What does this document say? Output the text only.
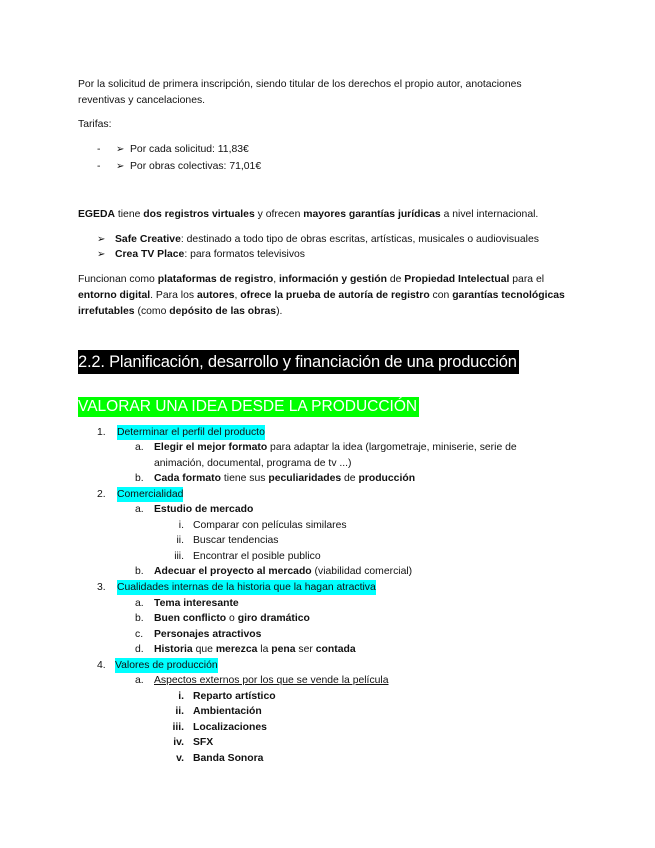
Por la solicitud de primera inscripción, siendo titular de los derechos el propio autor, anotaciones
reventivas y cancelaciones.

Tarifas:
- ➢ Por cada solicitud: 11,83€
- ➢ Por obras colectivas: 71,01€
EGEDA tiene dos registros virtuales y ofrecen mayores garantías jurídicas a nivel internacional.
➢ Safe Creative: destinado a todo tipo de obras escritas, artísticas, musicales o audiovisuales
➢ Crea TV Place: para formatos televisivos
Funcionan como plataformas de registro, información y gestión de Propiedad Intelectual para el
entorno digital. Para los autores, ofrece la prueba de autoría de registro con garantías tecnológicas
irrefutables (como depósito de las obras).
2.2. Planificación, desarrollo y financiación de una producción
VALORAR UNA IDEA DESDE LA PRODUCCIÓN
1. Determinar el perfil del producto
a. Elegir el mejor formato para adaptar la idea (largometraje, miniserie, serie de
animación, documental, programa de tv ...)
b. Cada formato tiene sus peculiaridades de producción
2. Comercialidad
a. Estudio de mercado
i. Comparar con películas similares
ii. Buscar tendencias
iii. Encontrar el posible publico
b. Adecuar el proyecto al mercado (viabilidad comercial)
3. Cualidades internas de la historia que la hagan atractiva
a. Tema interesante
b. Buen conflicto o giro dramático
c. Personajes atractivos
d. Historia que merezca la pena ser contada
4. Valores de producción
a. Aspectos externos por los que se vende la película
i. Reparto artístico
ii. Ambientación
iii. Localizaciones
iv. SFX
v. Banda Sonora
